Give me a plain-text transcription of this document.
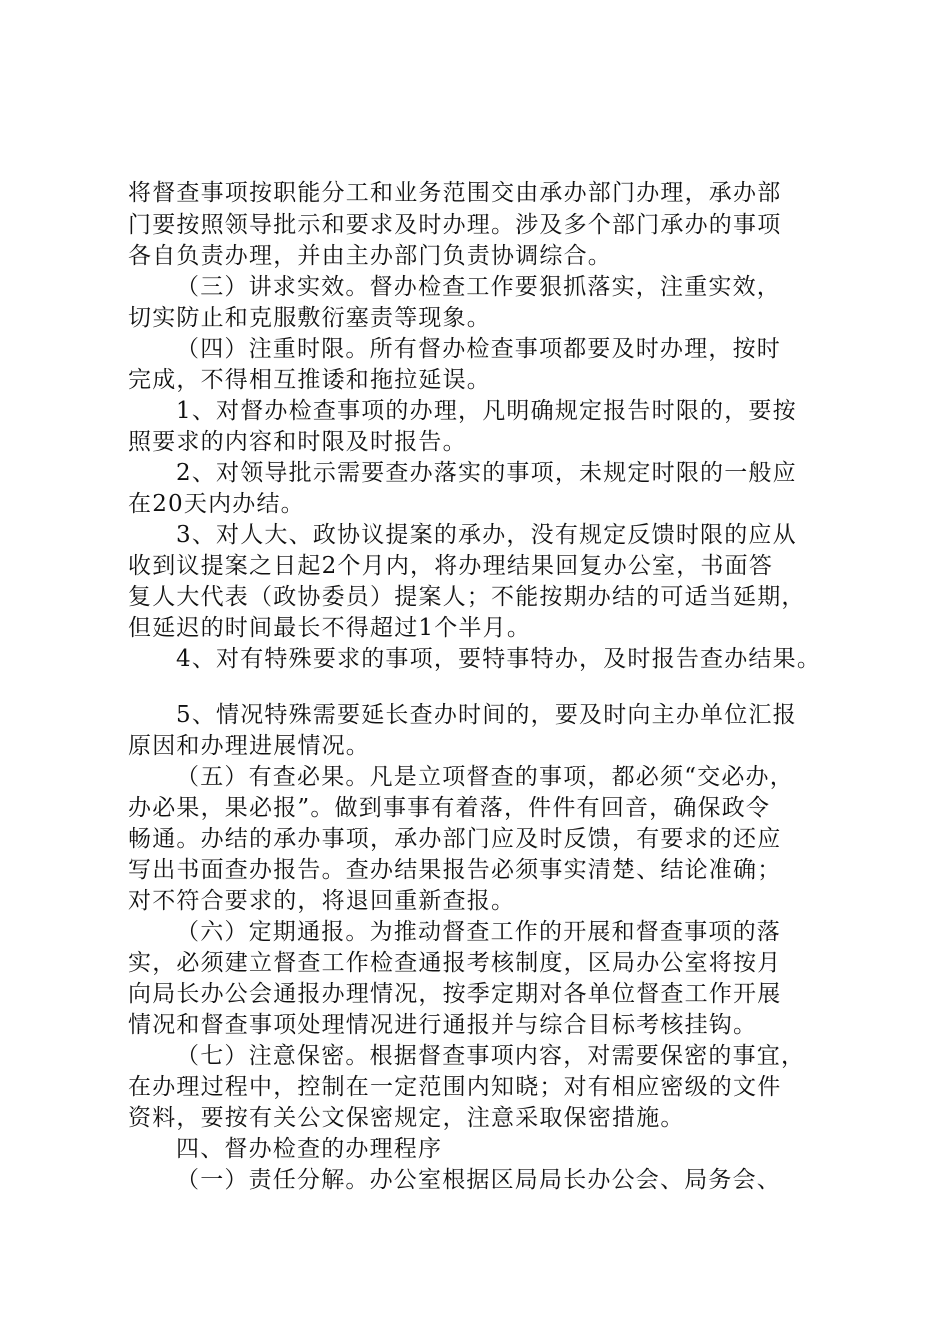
将督查事项按职能分工和业务范围交由承办部门办理，承办部
门要按照领导批示和要求及时办理。涉及多个部门承办的事项
各自负责办理，并由主办部门负责协调综合。
（三）讲求实效。督办检查工作要狠抓落实，注重实效，
切实防止和克服敷衍塞责等现象。
（四）注重时限。所有督办检查事项都要及时办理，按时
完成，不得相互推诿和拖拉延误。
1、对督办检查事项的办理，凡明确规定报告时限的，要按
照要求的内容和时限及时报告。
2、对领导批示需要查办落实的事项，未规定时限的一般应
在20天内办结。
3、对人大、政协议提案的承办，没有规定反馈时限的应从
收到议提案之日起2个月内，将办理结果回复办公室，书面答
复人大代表（政协委员）提案人；不能按期办结的可适当延期，
但延迟的时间最长不得超过1个半月。
4、对有特殊要求的事项，要特事特办，及时报告查办结果。
5、情况特殊需要延长查办时间的，要及时向主办单位汇报
原因和办理进展情况。
（五）有查必果。凡是立项督查的事项，都必须“交必办，
办必果，果必报”。做到事事有着落，件件有回音，确保政令
畅通。办结的承办事项，承办部门应及时反馈，有要求的还应
写出书面查办报告。查办结果报告必须事实清楚、结论准确；
对不符合要求的，将退回重新查报。
（六）定期通报。为推动督查工作的开展和督查事项的落
实，必须建立督查工作检查通报考核制度，区局办公室将按月
向局长办公会通报办理情况，按季定期对各单位督查工作开展
情况和督查事项处理情况进行通报并与综合目标考核挂钩。
（七）注意保密。根据督查事项内容，对需要保密的事宜，
在办理过程中，控制在一定范围内知晓；对有相应密级的文件
资料，要按有关公文保密规定，注意采取保密措施。
四、督办检查的办理程序
（一）责任分解。办公室根据区局局长办公会、局务会、
